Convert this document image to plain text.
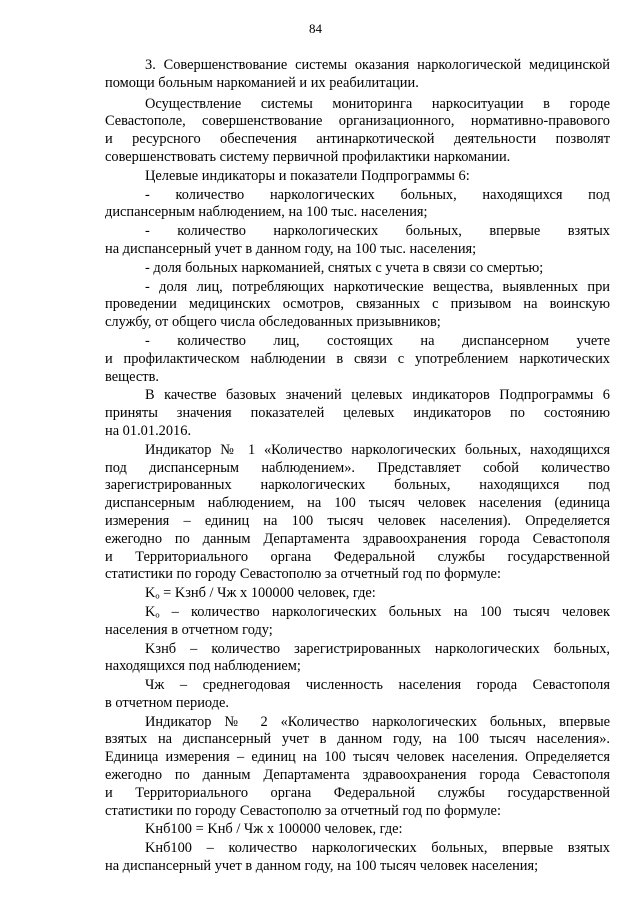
84
3. Совершенствование системы оказания наркологической медицинской
помощи больным наркоманией и их реабилитации.
Осуществление системы мониторинга наркоситуации в городе
Севастополе, совершенствование организационного, нормативно-правового
и ресурсного обеспечения антинаркотической деятельности позволят
совершенствовать систему первичной профилактики наркомании.
Целевые индикаторы и показатели Подпрограммы 6:
- количество наркологических больных, находящихся под
диспансерным наблюдением, на 100 тыс. населения;
- количество наркологических больных, впервые взятых
на диспансерный учет в данном году, на 100 тыс. населения;
- доля больных наркоманией, снятых с учета в связи со смертью;
- доля лиц, потребляющих наркотические вещества, выявленных при
проведении медицинских осмотров, связанных с призывом на воинскую
службу, от общего числа обследованных призывников;
- количество лиц, состоящих на диспансерном учете
и профилактическом наблюдении в связи с употреблением наркотических
веществ.
В качестве базовых значений целевых индикаторов Подпрограммы 6
приняты значения показателей целевых индикаторов по состоянию
на 01.01.2016.
Индикатор № 1 «Количество наркологических больных, находящихся
под диспансерным наблюдением». Представляет собой количество
зарегистрированных наркологических больных, находящихся под
диспансерным наблюдением, на 100 тысяч человек населения (единица
измерения – единиц на 100 тысяч человек населения). Определяется
ежегодно по данным Департамента здравоохранения города Севастополя
и Территориального органа Федеральной службы государственной
статистики по городу Севастополю за отчетный год по формуле:
Kₒ = Kзнб / Чж x 100000 человек, где:
Kₒ – количество наркологических больных на 100 тысяч человек
населения в отчетном году;
Kзнб – количество зарегистрированных наркологических больных,
находящихся под наблюдением;
Чж – среднегодовая численность населения города Севастополя
в отчетном периоде.
Индикатор № 2 «Количество наркологических больных, впервые
взятых на диспансерный учет в данном году, на 100 тысяч населения».
Единица измерения – единиц на 100 тысяч человек населения. Определяется
ежегодно по данным Департамента здравоохранения города Севастополя
и Территориального органа Федеральной службы государственной
статистики по городу Севастополю за отчетный год по формуле:
Kнб100 = Kнб / Чж x 100000 человек, где:
Kнб100 – количество наркологических больных, впервые взятых
на диспансерный учет в данном году, на 100 тысяч человек населения;
